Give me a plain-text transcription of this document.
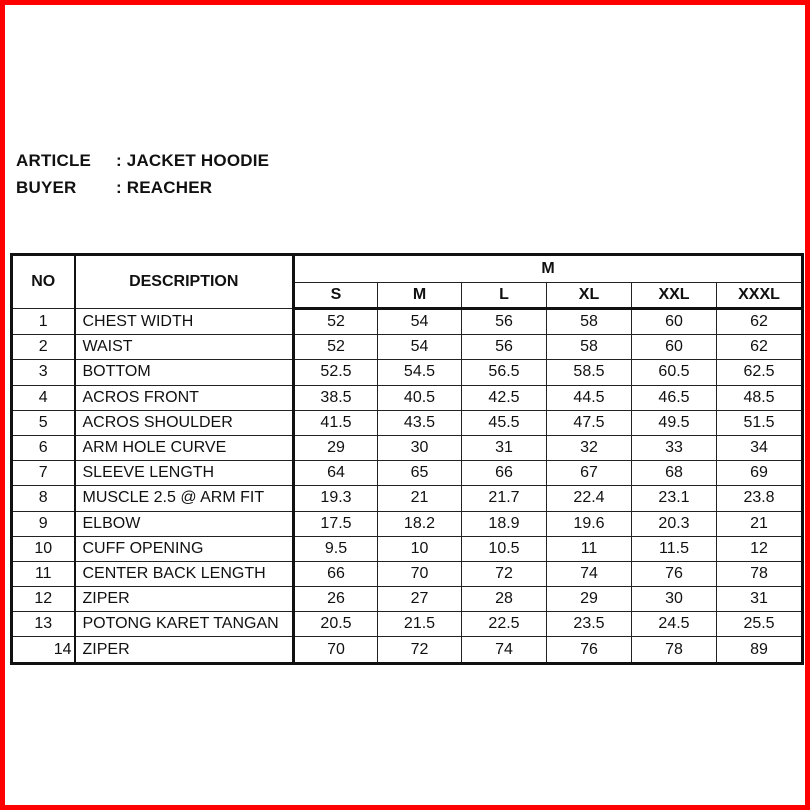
ARTICLE : JACKET HOODIE
BUYER : REACHER
NO	DESCRIPTION	M					
		S	M	L	XL	XXL	XXXL
1	CHEST WIDTH	52	54	56	58	60	62
2	WAIST	52	54	56	58	60	62
3	BOTTOM	52.5	54.5	56.5	58.5	60.5	62.5
4	ACROS FRONT	38.5	40.5	42.5	44.5	46.5	48.5
5	ACROS SHOULDER	41.5	43.5	45.5	47.5	49.5	51.5
6	ARM HOLE CURVE	29	30	31	32	33	34
7	SLEEVE LENGTH	64	65	66	67	68	69
8	MUSCLE 2.5 @ ARM FIT	19.3	21	21.7	22.4	23.1	23.8
9	ELBOW	17.5	18.2	18.9	19.6	20.3	21
10	CUFF OPENING	9.5	10	10.5	11	11.5	12
11	CENTER BACK LENGTH	66	70	72	74	76	78
12	ZIPER	26	27	28	29	30	31
13	POTONG KARET TANGAN	20.5	21.5	22.5	23.5	24.5	25.5
14	ZIPER	70	72	74	76	78	89
